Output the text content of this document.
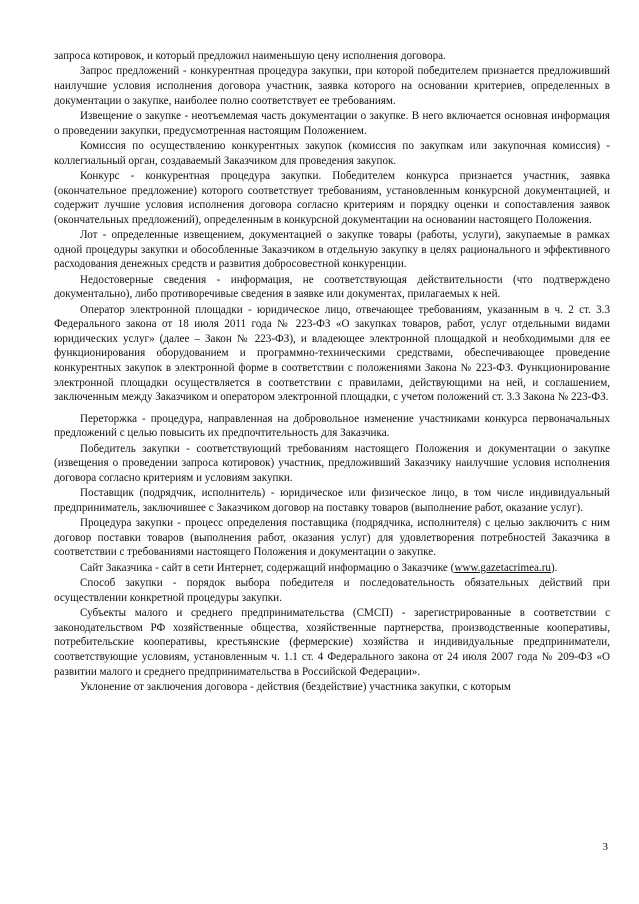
запроса котировок, и который предложил наименьшую цену исполнения договора.

Запрос предложений - конкурентная процедура закупки, при которой победителем признается предложивший наилучшие условия исполнения договора участник, заявка которого на основании критериев, определенных в документации о закупке, наиболее полно соответствует ее требованиям.

Извещение о закупке - неотъемлемая часть документации о закупке. В него включается основная информация о проведении закупки, предусмотренная настоящим Положением.

Комиссия по осуществлению конкурентных закупок (комиссия по закупкам или закупочная комиссия) - коллегиальный орган, создаваемый Заказчиком для проведения закупок.

Конкурс - конкурентная процедура закупки. Победителем конкурса признается участник, заявка (окончательное предложение) которого соответствует требованиям, установленным конкурсной документацией, и содержит лучшие условия исполнения договора согласно критериям и порядку оценки и сопоставления заявок (окончательных предложений), определенным в конкурсной документации на основании настоящего Положения.

Лот - определенные извещением, документацией о закупке товары (работы, услуги), закупаемые в рамках одной процедуры закупки и обособленные Заказчиком в отдельную закупку в целях рационального и эффективного расходования денежных средств и развития добросовестной конкуренции.

Недостоверные сведения - информация, не соответствующая действительности (что подтверждено документально), либо противоречивые сведения в заявке или документах, прилагаемых к ней.

Оператор электронной площадки - юридическое лицо, отвечающее требованиям, указанным в ч. 2 ст. 3.3 Федерального закона от 18 июля 2011 года № 223-ФЗ «О закупках товаров, работ, услуг отдельными видами юридических услуг» (далее – Закон № 223-ФЗ), и владеющее электронной площадкой и необходимыми для ее функционирования оборудованием и программно-техническими средствами, обеспечивающее проведение конкурентных закупок в электронной форме в соответствии с положениями Закона № 223-ФЗ. Функционирование электронной площадки осуществляется в соответствии с правилами, действующими на ней, и соглашением, заключенным между Заказчиком и оператором электронной площадки, с учетом положений ст. 3.3 Закона № 223-ФЗ.

Переторжка - процедура, направленная на добровольное изменение участниками конкурса первоначальных предложений с целью повысить их предпочтительность для Заказчика.

Победитель закупки - соответствующий требованиям настоящего Положения и документации о закупке (извещения о проведении запроса котировок) участник, предложивший Заказчику наилучшие условия исполнения договора согласно критериям и условиям закупки.

Поставщик (подрядчик, исполнитель) - юридическое или физическое лицо, в том числе индивидуальный предприниматель, заключившее с Заказчиком договор на поставку товаров (выполнение работ, оказание услуг).

Процедура закупки - процесс определения поставщика (подрядчика, исполнителя) с целью заключить с ним договор поставки товаров (выполнения работ, оказания услуг) для удовлетворения потребностей Заказчика в соответствии с требованиями настоящего Положения и документации о закупке.

Сайт Заказчика - сайт в сети Интернет, содержащий информацию о Заказчике (www.gazetacrimea.ru).

Способ закупки - порядок выбора победителя и последовательность обязательных действий при осуществлении конкретной процедуры закупки.

Субъекты малого и среднего предпринимательства (СМСП) - зарегистрированные в соответствии с законодательством РФ хозяйственные общества, хозяйственные партнерства, производственные кооперативы, потребительские кооперативы, крестьянские (фермерские) хозяйства и индивидуальные предприниматели, соответствующие условиям, установленным ч. 1.1 ст. 4 Федерального закона от 24 июля 2007 года № 209-ФЗ «О развитии малого и среднего предпринимательства в Российской Федерации».

Уклонение от заключения договора - действия (бездействие) участника закупки, с которым

3
